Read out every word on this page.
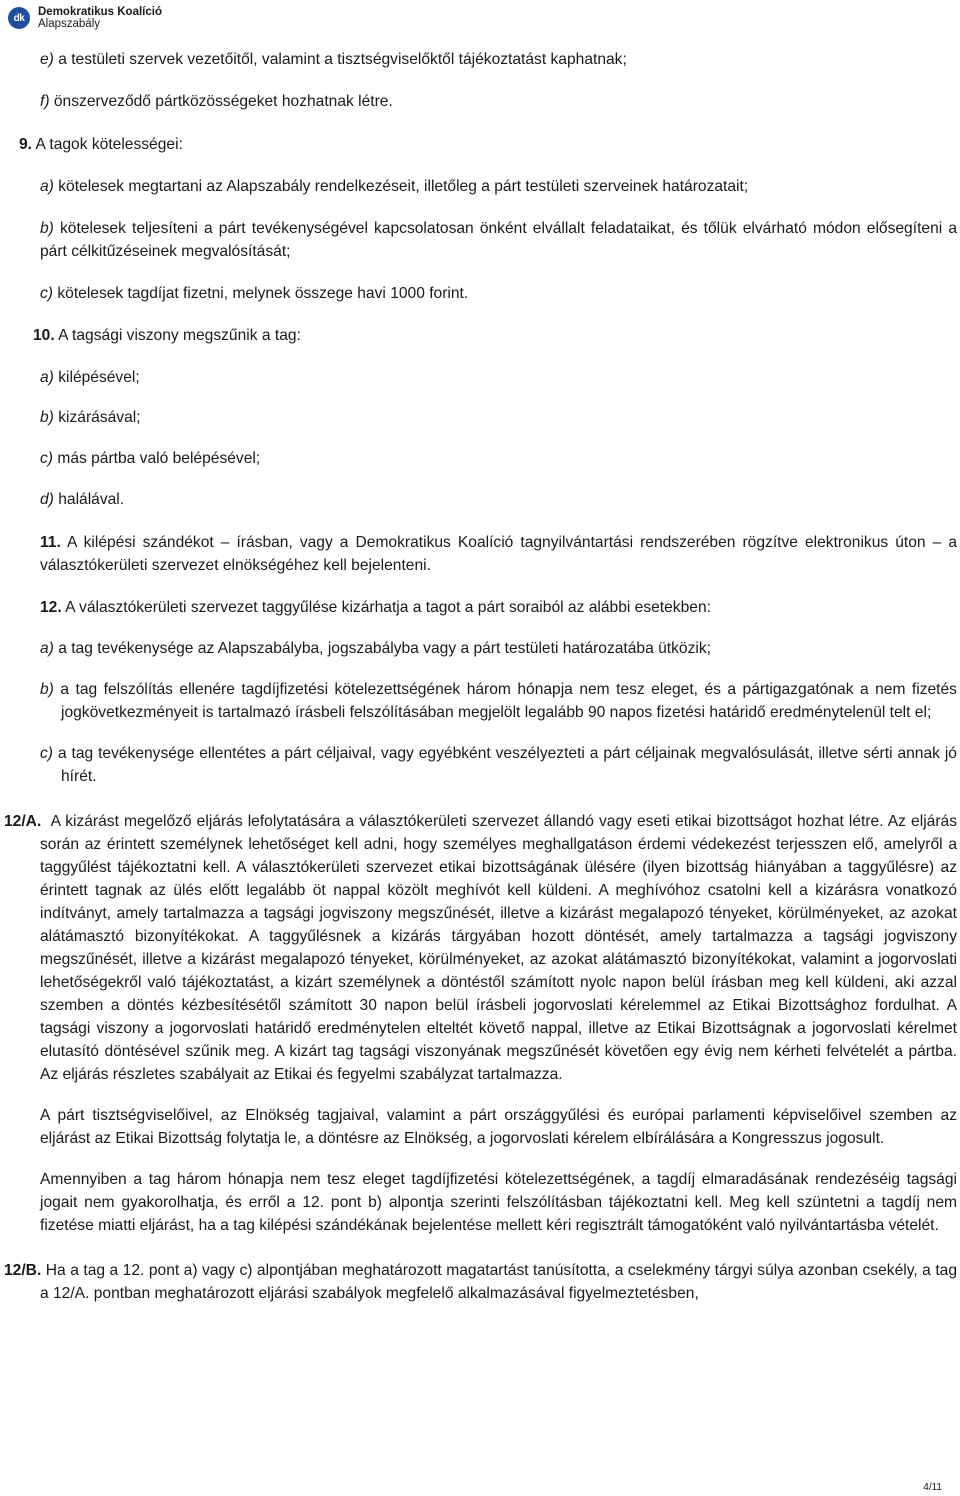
dk	Demokratikus Koalíció
Alapszabály

e) a testületi szervek vezetőitől, valamint a tisztségviselőktől tájékoztatást kaphatnak;

f) önszerveződő pártközösségeket hozhatnak létre.

9. A tagok kötelességei:

a) kötelesek megtartani az Alapszabály rendelkezéseit, illetőleg a párt testületi szerveinek határozatait;

b) kötelesek teljesíteni a párt tevékenységével kapcsolatosan önként elvállalt feladataikat, és tőlük elvárható módon elősegíteni a párt célkitűzéseinek megvalósítását;

c) kötelesek tagdíjat fizetni, melynek összege havi 1000 forint.

10. A tagsági viszony megszűnik a tag:

a) kilépésével;

b) kizárásával;

c) más pártba való belépésével;

d) halálával.

11. A kilépési szándékot – írásban, vagy a Demokratikus Koalíció tagnyilvántartási rendszerében rögzítve elektronikus úton – a választókerületi szervezet elnökségéhez kell bejelenteni.

12. A választókerületi szervezet taggyűlése kizárhatja a tagot a párt soraiból az alábbi esetekben:

a) a tag tevékenysége az Alapszabályba, jogszabályba vagy a párt testületi határozatába ütközik;

b) a tag felszólítás ellenére tagdíjfizetési kötelezettségének három hónapja nem tesz eleget, és a pártigazgatónak a nem fizetés jogkövetkezményeit is tartalmazó írásbeli felszólításában megjelölt legalább 90 napos fizetési határidő eredménytelenül telt el;

c) a tag tevékenysége ellentétes a párt céljaival, vagy egyébként veszélyezteti a párt céljainak megvalósulását, illetve sérti annak jó hírét.

12/A. A kizárást megelőző eljárás lefolytatására a választókerületi szervezet állandó vagy eseti etikai bizottságot hozhat létre. Az eljárás során az érintett személynek lehetőséget kell adni, hogy személyes meghallgatáson érdemi védekezést terjesszen elő, amelyről a taggyűlést tájékoztatni kell. A választókerületi szervezet etikai bizottságának ülésére (ilyen bizottság hiányában a taggyűlésre) az érintett tagnak az ülés előtt legalább öt nappal közölt meghívót kell küldeni. A meghívóhoz csatolni kell a kizárásra vonatkozó indítványt, amely tartalmazza a tagsági jogviszony megszűnését, illetve a kizárást megalapozó tényeket, körülményeket, az azokat alátámasztó bizonyítékokat. A taggyűlésnek a kizárás tárgyában hozott döntését, amely tartalmazza a tagsági jogviszony megszűnését, illetve a kizárást megalapozó tényeket, körülményeket, az azokat alátámasztó bizonyítékokat, valamint a jogorvoslati lehetőségekről való tájékoztatást, a kizárt személynek a döntéstől számított nyolc napon belül írásban meg kell küldeni, aki azzal szemben a döntés kézbesítésétől számított 30 napon belül írásbeli jogorvoslati kérelemmel az Etikai Bizottsághoz fordulhat. A tagsági viszony a jogorvoslati határidő eredménytelen elteltét követő nappal, illetve az Etikai Bizottságnak a jogorvoslati kérelmet elutasító döntésével szűnik meg. A kizárt tag tagsági viszonyának megszűnését követően egy évig nem kérheti felvételét a pártba. Az eljárás részletes szabályait az Etikai és fegyelmi szabályzat tartalmazza.

A párt tisztségviselőivel, az Elnökség tagjaival, valamint a párt országgyűlési és európai parlamenti képviselőivel szemben az eljárást az Etikai Bizottság folytatja le, a döntésre az Elnökség, a jogorvoslati kérelem elbírálására a Kongresszus jogosult.

Amennyiben a tag három hónapja nem tesz eleget tagdíjfizetési kötelezettségének, a tagdíj elmaradásának rendezéséig tagsági jogait nem gyakorolhatja, és erről a 12. pont b) alpontja szerinti felszólításban tájékoztatni kell. Meg kell szüntetni a tagdíj nem fizetése miatti eljárást, ha a tag kilépési szándékának bejelentése mellett kéri regisztrált támogatóként való nyilvántartásba vételét.

12/B. Ha a tag a 12. pont a) vagy c) alpontjában meghatározott magatartást tanúsította, a cselekmény tárgyi súlya azonban csekély, a tag a 12/A. pontban meghatározott eljárási szabályok megfelelő alkalmazásával figyelmeztetésben,

4/11
